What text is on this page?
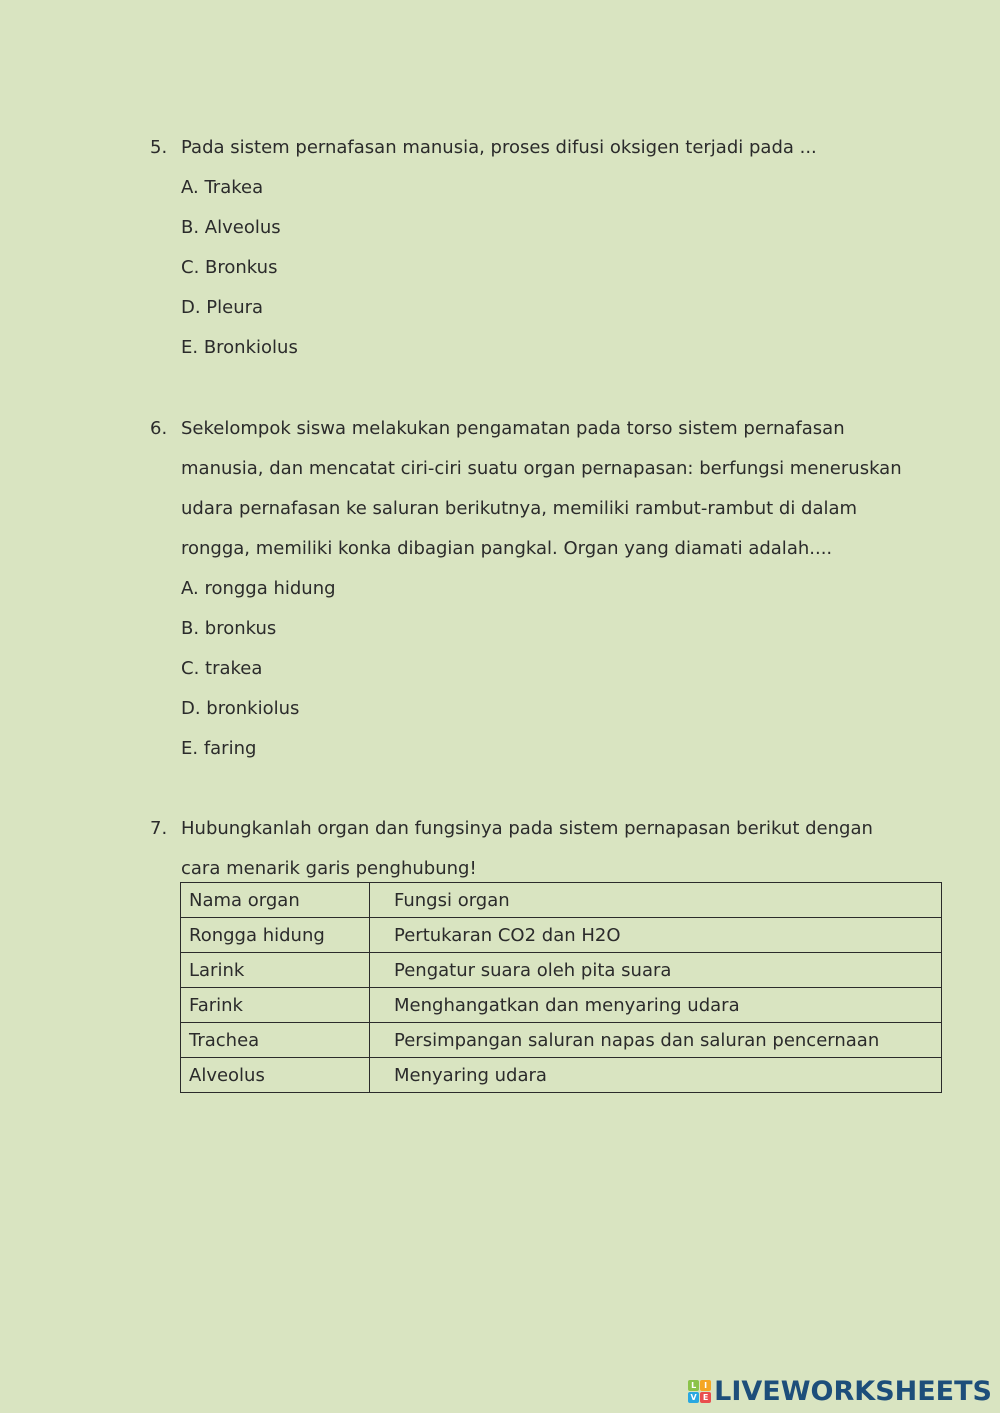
5. Pada sistem pernafasan manusia, proses difusi oksigen terjadi pada ...
A. Trakea
B. Alveolus
C. Bronkus
D. Pleura
E. Bronkiolus
6. Sekelompok siswa melakukan pengamatan pada torso sistem pernafasan
manusia, dan mencatat ciri-ciri suatu organ pernapasan: berfungsi meneruskan
udara pernafasan ke saluran berikutnya, memiliki rambut-rambut di dalam
rongga, memiliki konka dibagian pangkal. Organ yang diamati adalah....
A. rongga hidung
B. bronkus
C. trakea
D. bronkiolus
E. faring
7. Hubungkanlah organ dan fungsinya pada sistem pernapasan berikut dengan
cara menarik garis penghubung!
Nama organ	Fungsi organ
Rongga hidung	Pertukaran CO2 dan H2O
Larink	Pengatur suara oleh pita suara
Farink	Menghangatkan dan menyaring udara
Trachea	Persimpangan saluran napas dan saluran pencernaan
Alveolus	Menyaring udara
L I
V E LIVEWORKSHEETS
